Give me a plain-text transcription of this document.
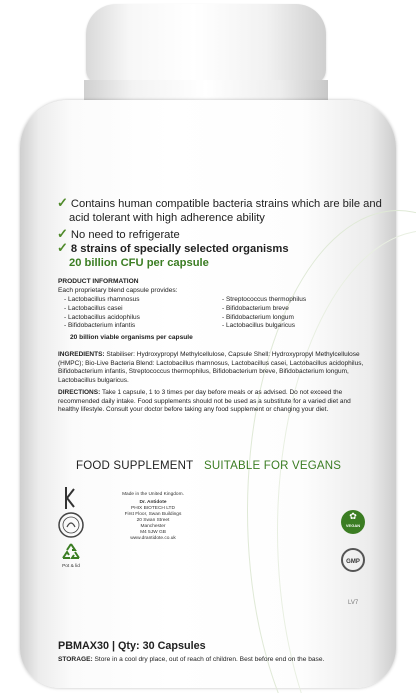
✓ Contains human compatible bacteria strains which are bile and
acid tolerant with high adherence ability
✓ No need to refrigerate
✓ 8 strains of specially selected organisms
20 billion CFU per capsule
PRODUCT INFORMATION
Each proprietary blend capsule provides:
- Lactobacillus rhamnosus
- Lactobacillus casei
- Lactobacillus acidophilus
- Bifidobacterium infantis
- Streptococcus thermophilus
- Bifidobacterium breve
- Bifidobacterium longum
- Lactobacillus bulgaricus
20 billion viable organisms per capsule
INGREDIENTS: Stabiliser: Hydroxypropyl Methylcellulose, Capsule Shell: Hydroxypropyl Methylcellulose (HMPC); Bio-Live Bacteria Blend: Lactobacillus rhamnosus, Lactobacillus casei, Lactobacillus acidophilus, Bifidobacterium infantis, Streptococcus thermophilus, Bifidobacterium breve, Bifidobacterium longum, Lactobacillus bulgaricus.
DIRECTIONS: Take 1 capsule, 1 to 3 times per day before meals or as advised. Do not exceed the recommended daily intake. Food supplements should not be used as a substitute for a varied diet and healthy lifestyle. Consult your doctor before taking any food supplement or changing your diet.
FOOD SUPPLEMENT SUITABLE FOR VEGANS
Pot & lid
Made in the United Kingdom.
Dr. Antidote
PHIX BIOTECH LTD
First Floor, Swan Buildings
20 Swan Street
Manchester
M4 5JW GB
www.drantidote.co.uk
✿
VEGAN
GMP
LV7
PBMAX30 | Qty: 30 Capsules
STORAGE: Store in a cool dry place, out of reach of children. Best before end on the base.
